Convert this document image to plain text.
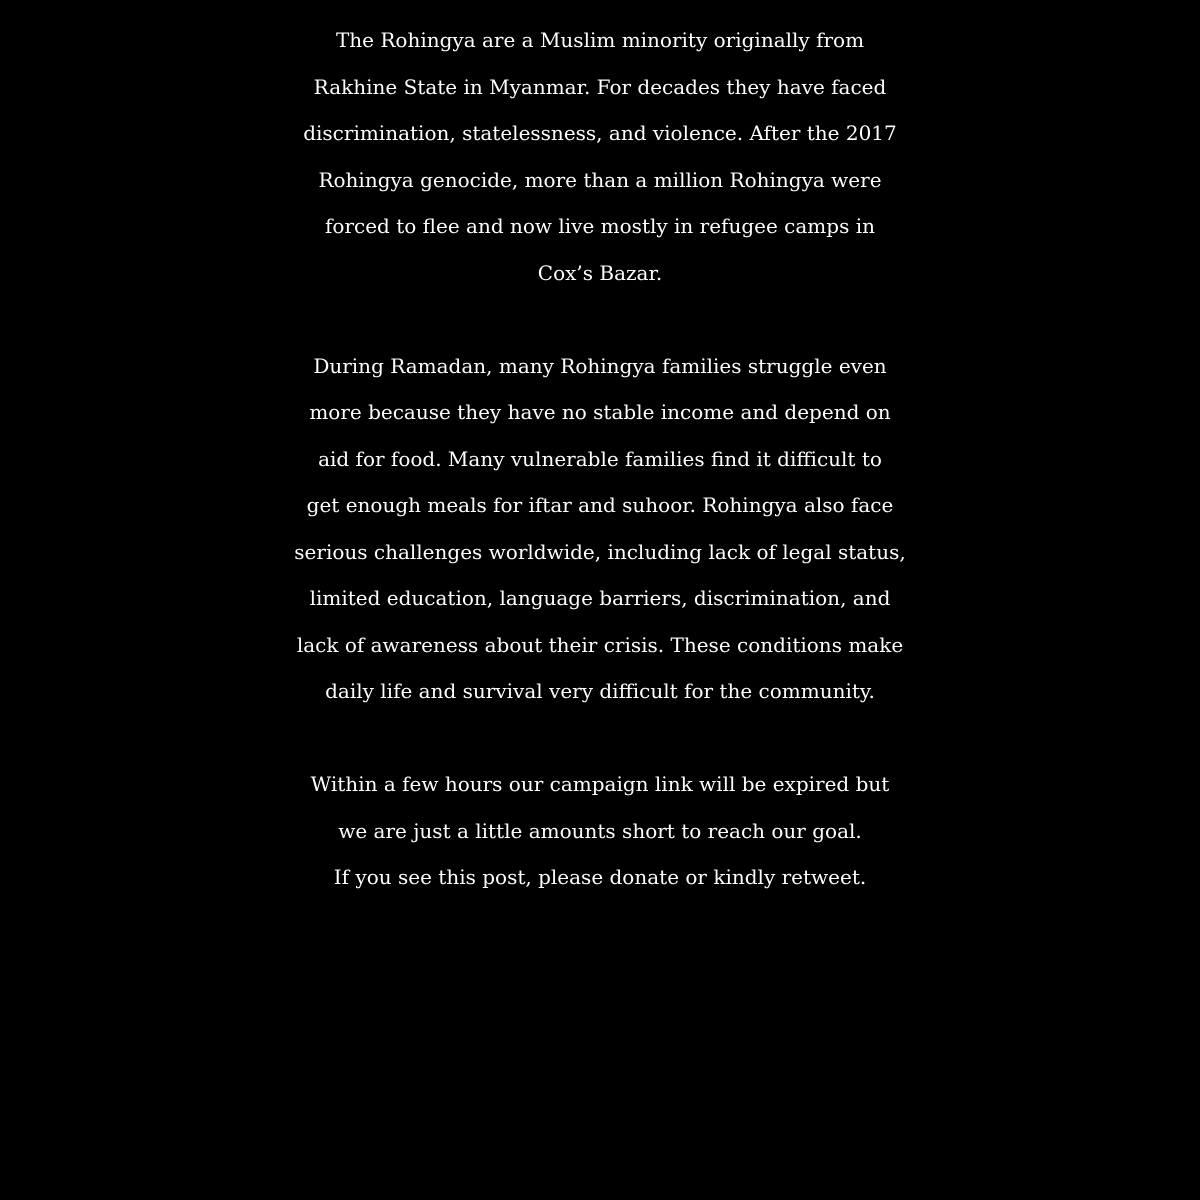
The Rohingya are a Muslim minority originally from
Rakhine State in Myanmar. For decades they have faced
discrimination, statelessness, and violence. After the 2017
Rohingya genocide, more than a million Rohingya were
forced to flee and now live mostly in refugee camps in
Cox’s Bazar.
During Ramadan, many Rohingya families struggle even
more because they have no stable income and depend on
aid for food. Many vulnerable families find it difficult to
get enough meals for iftar and suhoor. Rohingya also face
serious challenges worldwide, including lack of legal status,
limited education, language barriers, discrimination, and
lack of awareness about their crisis. These conditions make
daily life and survival very difficult for the community.
Within a few hours our campaign link will be expired but
we are just a little amounts short to reach our goal.
If you see this post, please donate or kindly retweet.
